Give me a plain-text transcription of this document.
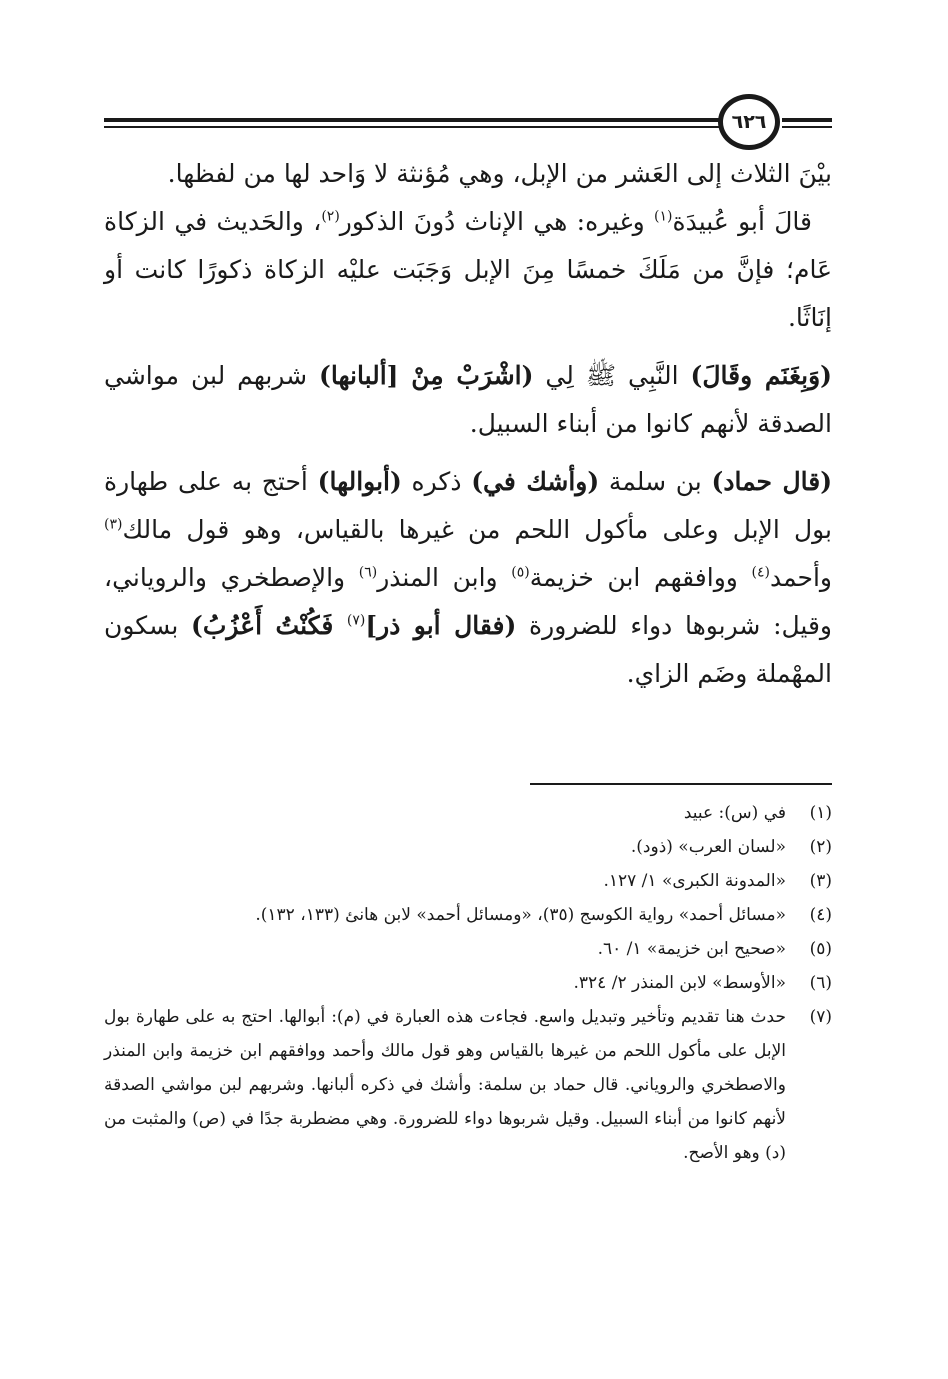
٦٢٦

بيْنَ الثلاث إلى العَشر من الإبل، وهي مُؤنثة لا وَاحد لها من لفظها.

قالَ أبو عُبيدَة$^{(١)}$ وغيره: هي الإناث دُونَ الذكور$^{(٢)}$، والحَديث في الزكاة عَام؛ فإنَّ من مَلَكَ خمسًا مِنَ الإبل وَجَبَت عليْه الزكاة ذكورًا كانت أو إنَاثًا.

(وَبِغَنَم وقَالَ) النَّبِي ﷺ لِي (اشْرَبْ مِنْ [ألبانها) شربهم لبن مواشي الصدقة لأنهم كانوا من أبناء السبيل.

(قال حماد) بن سلمة (وأشك في) ذكره (أبوالها) أحتج به على طهارة بول الإبل وعلى مأكول اللحم من غيرها بالقياس، وهو قول مالك$^{(٣)}$ وأحمد$^{(٤)}$ ووافقهم ابن خزيمة$^{(٥)}$ وابن المنذر$^{(٦)}$ والإصطخري والروياني، وقيل: شربوها دواء للضرورة (فقال أبو ذر]$^{(٧)}$ فَكُنْتُ أَعْزُبُ) بسكون المهْملة وضَم الزاي.

(١)
في (س): عبيد
(٢)
«لسان العرب» (ذود).
(٣)
«المدونة الكبرى» ١/ ١٢٧.
(٤)
«مسائل أحمد» رواية الكوسج (٣٥)، «ومسائل أحمد» لابن هانئ (١٣٣، ١٣٢).
(٥)
«صحيح ابن خزيمة» ١/ ٦٠.
(٦)
«الأوسط» لابن المنذر ٢/ ٣٢٤.
(٧)
حدث هنا تقديم وتأخير وتبديل واسع. فجاءت هذه العبارة في (م): أبوالها. احتج به على طهارة بول الإبل على مأكول اللحم من غيرها بالقياس وهو قول مالك وأحمد ووافقهم ابن خزيمة وابن المنذر والاصطخري والروياني. قال حماد بن سلمة: وأشك في ذكره ألبانها. وشربهم لبن مواشي الصدقة لأنهم كانوا من أبناء السبيل. وقيل شربوها دواء للضرورة. وهي مضطربة جدًا في (ص) والمثبت من (د) وهو الأصح.
